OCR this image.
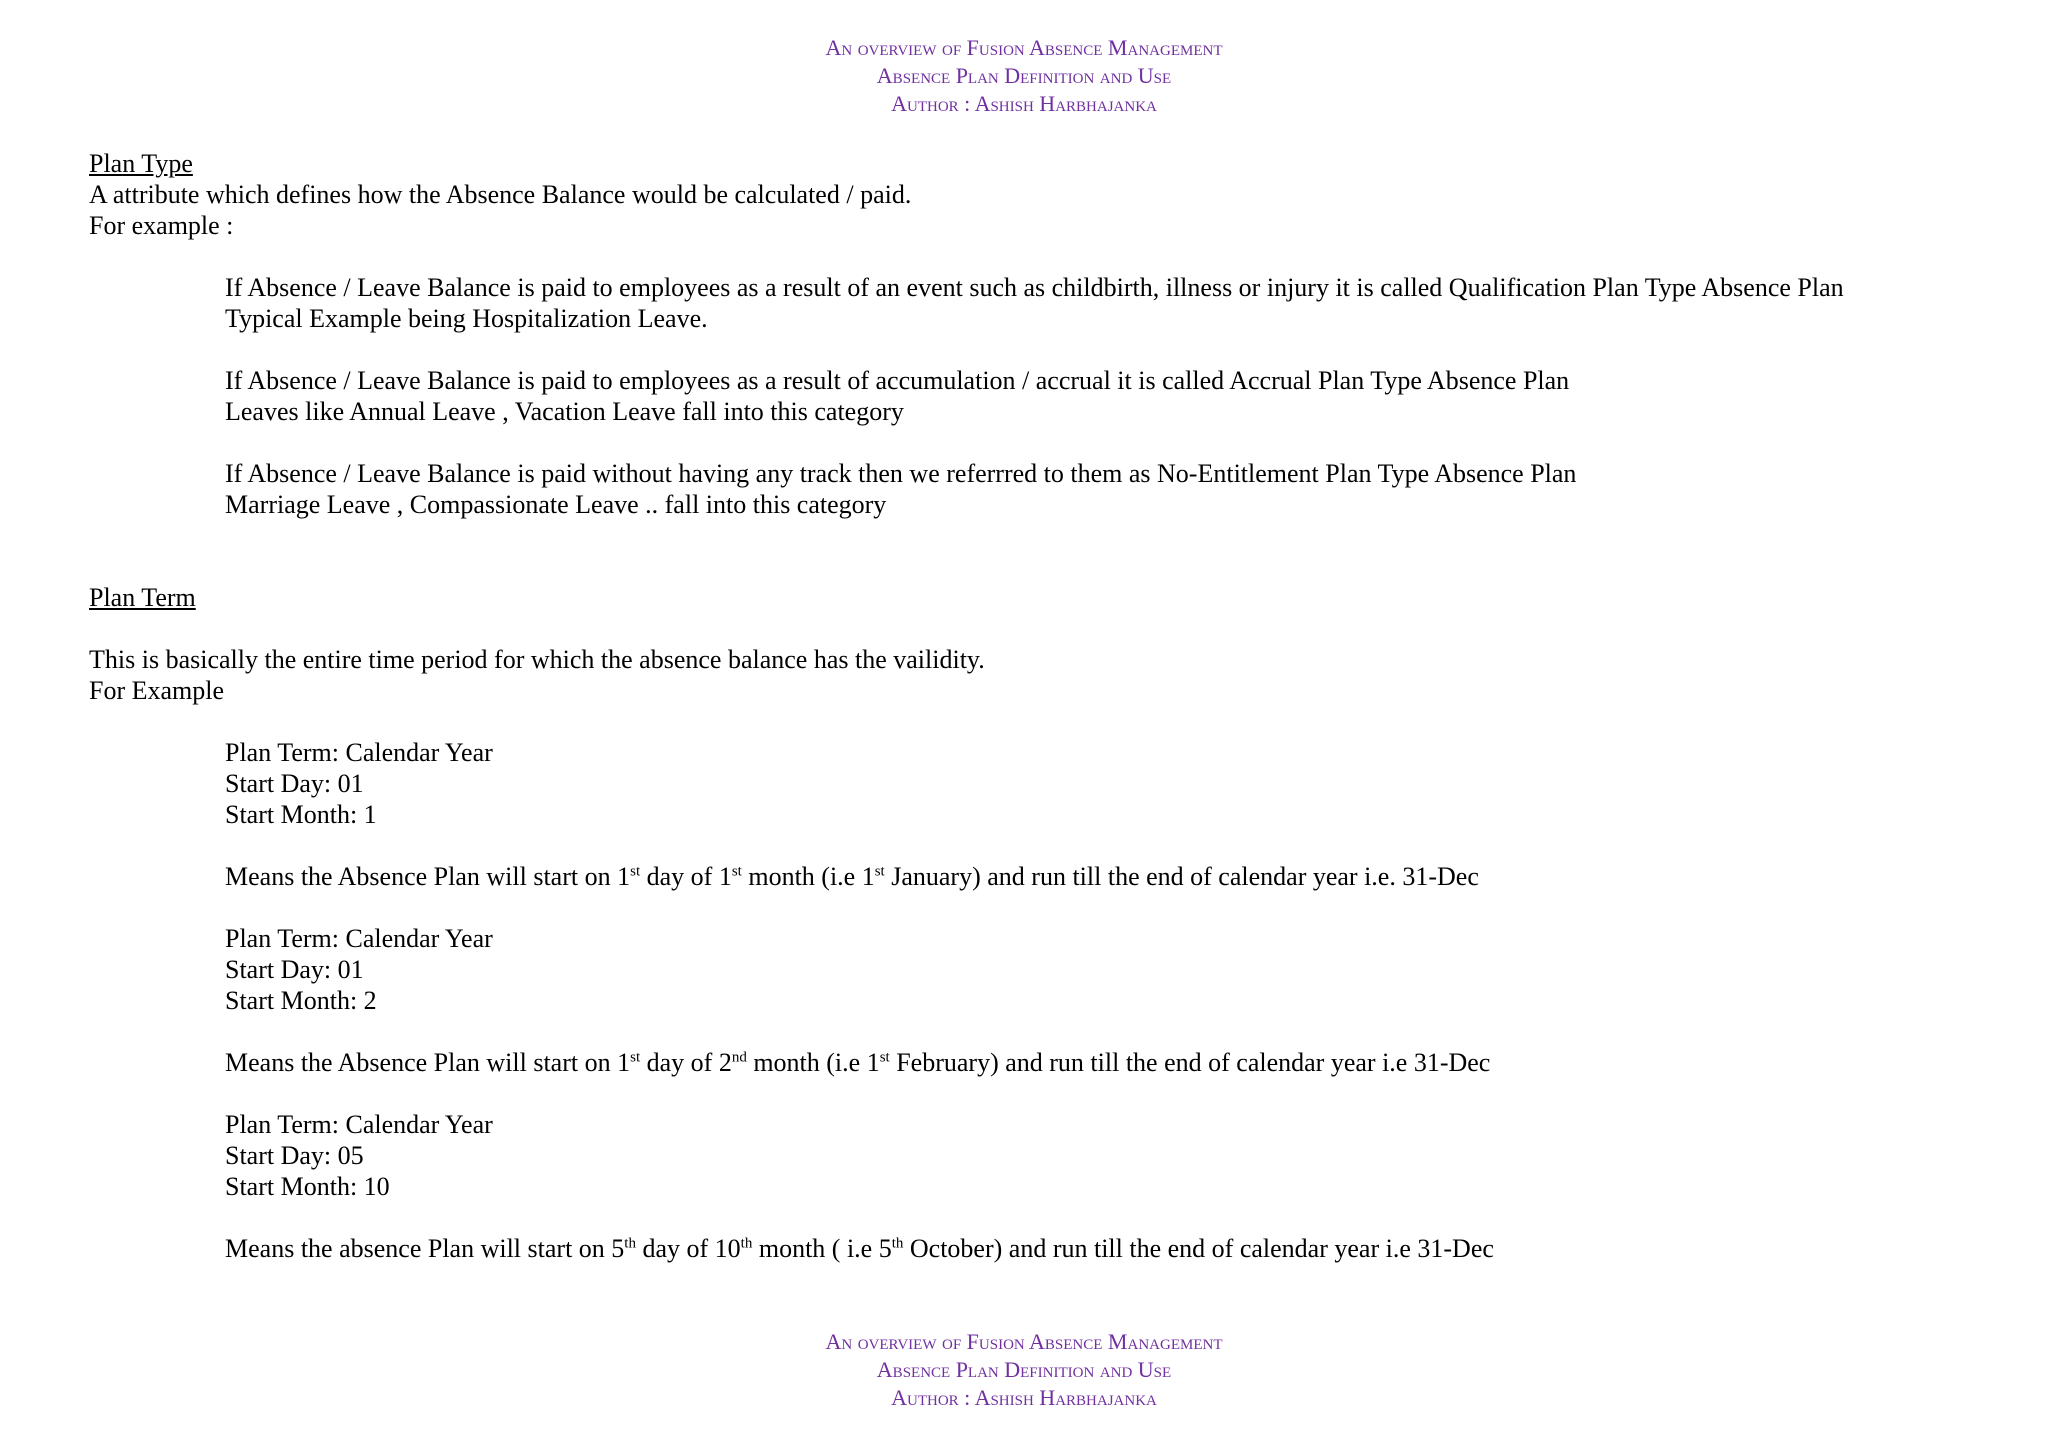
An overview of Fusion Absence Management
Absence Plan Definition and Use
Author : Ashish Harbhajanka
Plan Type
A attribute which defines how the Absence Balance would be calculated / paid.
For example :
If Absence / Leave Balance is paid to employees as a result of an event such as childbirth, illness or injury it is called Qualification Plan Type Absence Plan
Typical Example being Hospitalization Leave.
If Absence / Leave Balance is paid to employees as a result of accumulation / accrual it is called Accrual Plan Type Absence Plan
Leaves like Annual Leave , Vacation Leave fall into this category
If Absence / Leave Balance is paid without having any track then we referrred to them as No-Entitlement Plan Type Absence Plan
Marriage Leave , Compassionate Leave .. fall into this category
Plan Term
This is basically the entire time period for which the absence balance has the vailidity.
For Example
Plan Term: Calendar Year
Start Day: 01
Start Month: 1
Means the Absence Plan will start on 1st day of 1st month (i.e 1st January) and run till the end of calendar year i.e. 31-Dec
Plan Term: Calendar Year
Start Day: 01
Start Month: 2
Means the Absence Plan will start on 1st day of 2nd month (i.e 1st February) and run till the end of calendar year i.e 31-Dec
Plan Term: Calendar Year
Start Day: 05
Start Month: 10
Means the absence Plan will start on 5th day of 10th month ( i.e 5th October) and run till the end of calendar year i.e 31-Dec
An overview of Fusion Absence Management
Absence Plan Definition and Use
Author : Ashish Harbhajanka
